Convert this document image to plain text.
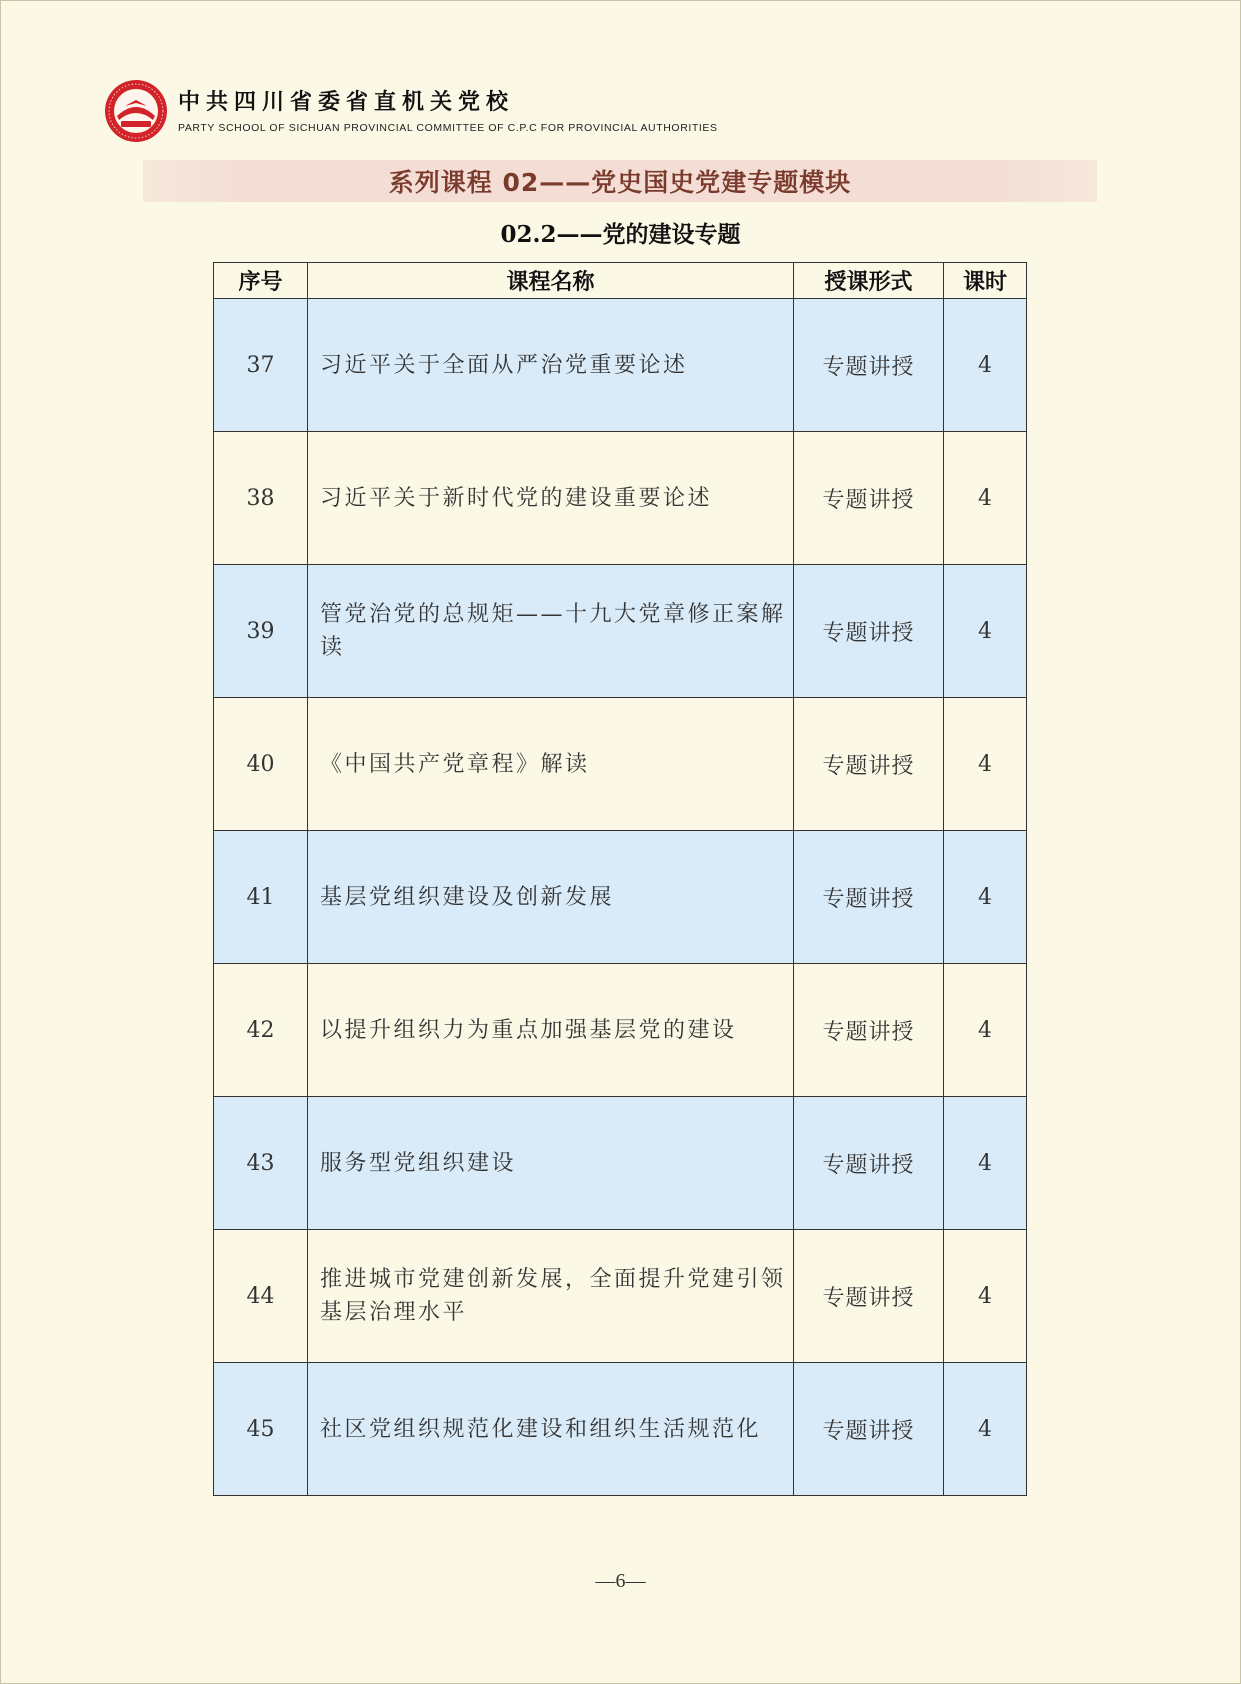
中共四川省委省直机关党校
PARTY SCHOOL OF SICHUAN PROVINCIAL COMMITTEE OF C.P.C FOR PROVINCIAL AUTHORITIES
系列课程 02——党史国史党建专题模块
02.2——党的建设专题
序号	课程名称	授课形式	课时
37	习近平关于全面从严治党重要论述	专题讲授	4
38	习近平关于新时代党的建设重要论述	专题讲授	4
39	管党治党的总规矩——十九大党章修正案解读	专题讲授	4
40	《中国共产党章程》解读	专题讲授	4
41	基层党组织建设及创新发展	专题讲授	4
42	以提升组织力为重点加强基层党的建设	专题讲授	4
43	服务型党组织建设	专题讲授	4
44	推进城市党建创新发展，全面提升党建引领基层治理水平	专题讲授	4
45	社区党组织规范化建设和组织生活规范化	专题讲授	4
—6—
